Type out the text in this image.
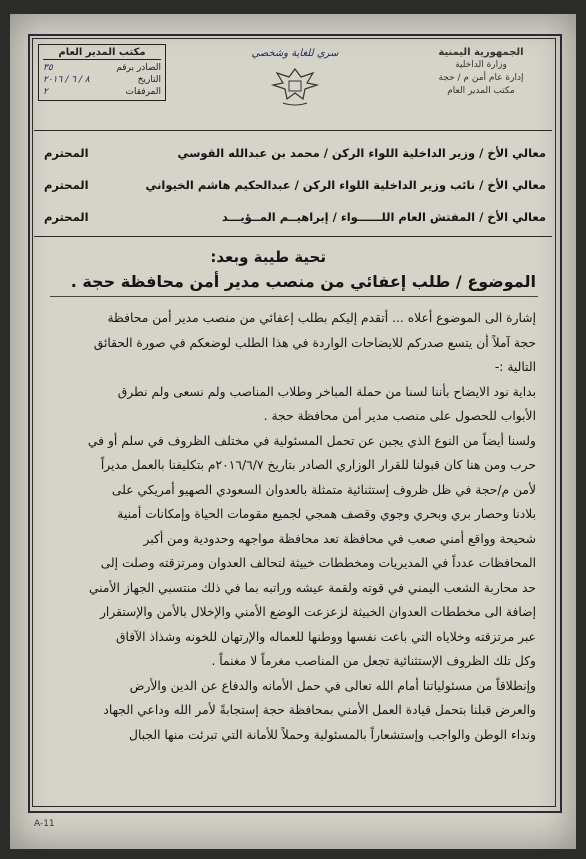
الجمهورية اليمنية
وزارة الداخلية
إدارة عام أمن م / حجة
مكتب المدير العام
سري للغاية وشخصي
مكتب المدير العام
الصادر برقم
٣٥
التاريخ
٨ / ٦ / ٢٠١٦
المرفقات
٢
معالي الأخ / وزير الداخلية اللواء الركن / محمد بن عبدالله القوسي
المحترم
معالي الأخ / نائب وزير الداخلية اللواء الركن / عبدالحكيم هاشم الخيواني
المحترم
معالي الأخ / المفتش العام اللــــــواء / إبراهيــم المــؤيـــد
المحترم
تحية طيبة وبعد:
الموضوع / طلب إعفائي من منصب مدير أمن محافظة حجة .

إشارة الى الموضوع أعلاه ... أتقدم إليكم بطلب إعفائي من منصب مدير أمن محافظة

حجة آملاً أن يتسع صدركم للايضاحات الواردة في هذا الطلب لوضعكم في صورة الحقائق

التالية :-

بداية نود الايضاح بأننا لسنا من حملة المباخر وطلاب المناصب ولم نسعى ولم نطرق

الأبواب للحصول على منصب مدير أمن محافظة حجة .

ولسنا أيضاً من النوع الذي يجبن عن تحمل المسئولية في مختلف الظروف في سلم أو في

حرب ومن هنا كان قبولنا للقرار الوزاري الصادر بتاريخ ٢٠١٦/٦/٧م بتكليفنا بالعمل مديراً

لأمن م/حجة في ظل ظروف إستثنائية متمثلة بالعدوان السعودي الصهيو أمريكي على

بلادنا وحصار بري وبحري وجوي وقصف همجي لجميع مقومات الحياة وإمكانات أمنية

شحيحة وواقع أمني صعب في محافظة تعد محافظة مواجهه وحدودية ومن أكبر

المحافظات عدداً في المديريات ومخططات خبيثة لتحالف العدوان ومرتزقته وصلت إلى

حد محاربة الشعب اليمني في قوته ولقمة عيشه وراتبه بما في ذلك منتسبي الجهاز الأمني

إضافة الى مخططات العدوان الخبيثة لزعزعت الوضع الأمني والإخلال بالأمن والإستقرار

عبر مرتزقته وخلاياه التي باعت نفسها ووطنها للعماله والإرتهان للخونه وشذاذ الآفاق

وكل تلك الظروف الإستثنائية تجعل من المناصب مغرماً لا مغنماً .

وإنطلاقاً من مسئولياتنا أمام الله تعالى في حمل الأمانه والدفاع عن الدين والأرض

والعرض قبلنا بتحمل قيادة العمل الأمني بمحافظة حجة إستجابةً لأمر الله وداعي الجهاد

ونداء الوطن والواجب وإستشعاراً بالمسئولية وحملاً للأمانة التي تبرئت منها الجبال

A-11
